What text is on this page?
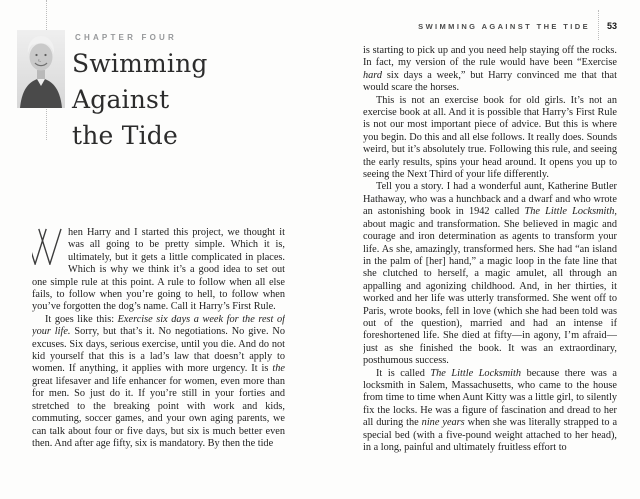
CHAPTER FOUR
Swimming
Against
the Tide

hen Harry and I started this project, we thought it was all going to be pretty simple. Which it is, ultimately, but it gets a little complicated in places. Which is why we think it’s a good idea to set out one simple rule at this point. A rule to follow when all else fails, to follow when you’re going to hell, to follow when you’ve forgotten the dog’s name. Call it Harry’s First Rule.

It goes like this: Exercise six days a week for the rest of your life. Sorry, but that’s it. No negotiations. No give. No excuses. Six days, serious exercise, until you die. And do not kid yourself that this is a lad’s law that doesn’t apply to women. If anything, it applies with more urgency. It is the great lifesaver and life enhancer for women, even more than for men. So just do it. If you’re still in your forties and stretched to the breaking point with work and kids, commuting, soccer games, and your own aging parents, we can talk about four or five days, but six is much better even then. And after age fifty, six is mandatory. By then the tide

SWIMMING AGAINST THE TIDE 53

is starting to pick up and you need help staying off the rocks. In fact, my version of the rule would have been “Exercise hard six days a week,” but Harry convinced me that that would scare the horses.

This is not an exercise book for old girls. It’s not an exercise book at all. And it is possible that Harry’s First Rule is not our most important piece of advice. But this is where you begin. Do this and all else follows. It really does. Sounds weird, but it’s absolutely true. Following this rule, and seeing the early results, spins your head around. It opens you up to seeing the Next Third of your life differently.

Tell you a story. I had a wonderful aunt, Katherine Butler Hathaway, who was a hunchback and a dwarf and who wrote an astonishing book in 1942 called The Little Locksmith, about magic and transformation. She believed in magic and courage and iron determination as agents to transform your life. As she, amazingly, transformed hers. She had “an island in the palm of [her] hand,” a magic loop in the fate line that she clutched to herself, a magic amulet, all through an appalling and agonizing childhood. And, in her thirties, it worked and her life was utterly transformed. She went off to Paris, wrote books, fell in love (which she had been told was out of the question), married and had an intense if foreshortened life. She died at fifty—in agony, I’m afraid—just as she finished the book. It was an extraordinary, posthumous success.

It is called The Little Locksmith because there was a locksmith in Salem, Massachusetts, who came to the house from time to time when Aunt Kitty was a little girl, to silently fix the locks. He was a figure of fascination and dread to her all during the nine years when she was literally strapped to a special bed (with a five-pound weight attached to her head), in a long, painful and ultimately fruitless effort to
